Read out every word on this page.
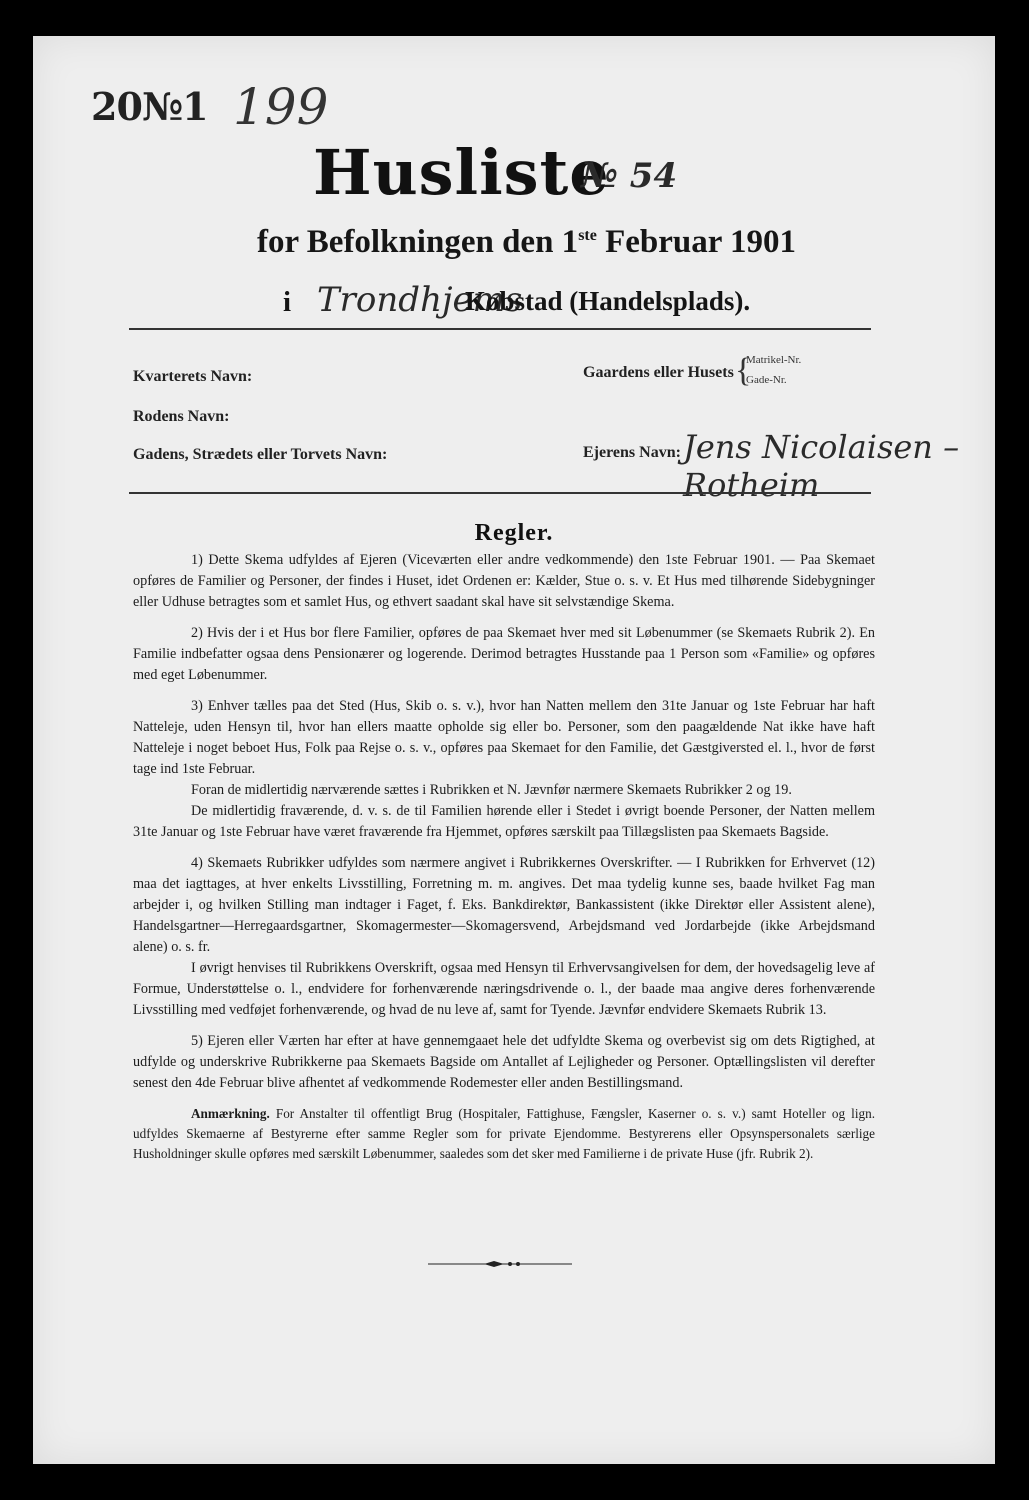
20№1 199
Husliste
№ 54
for Befolkningen den 1ste Februar 1901
i Trondhjems
Købstad (Handelsplads).
Kvarterets Navn:
Rodens Navn:
Gadens, Strædets eller Torvets Navn:
Gaardens eller Husets {
Matrikel-Nr.
Gade-Nr.
Ejerens Navn: Jens Nicolaisen – Rotheim
Regler.

1) Dette Skema udfyldes af Ejeren (Viceværten eller andre vedkommende) den 1ste Februar 1901. — Paa Skemaet opføres de Familier og Personer, der findes i Huset, idet Ordenen er: Kælder, Stue o. s. v. Et Hus med tilhørende Sidebygninger eller Udhuse betragtes som et samlet Hus, og ethvert saadant skal have sit selvstændige Skema.

2) Hvis der i et Hus bor flere Familier, opføres de paa Skemaet hver med sit Løbenummer (se Skemaets Rubrik 2). En Familie indbefatter ogsaa dens Pensionærer og logerende. Derimod betragtes Husstande paa 1 Person som «Familie» og opføres med eget Løbenummer.

3) Enhver tælles paa det Sted (Hus, Skib o. s. v.), hvor han Natten mellem den 31te Januar og 1ste Februar har haft Natteleje, uden Hensyn til, hvor han ellers maatte opholde sig eller bo. Personer, som den paagældende Nat ikke have haft Natteleje i noget beboet Hus, Folk paa Rejse o. s. v., opføres paa Skemaet for den Familie, det Gæstgiversted el. l., hvor de først tage ind 1ste Februar.

Foran de midlertidig nærværende sættes i Rubrikken et N. Jævnfør nærmere Skemaets Rubrikker 2 og 19.

De midlertidig fraværende, d. v. s. de til Familien hørende eller i Stedet i øvrigt boende Personer, der Natten mellem 31te Januar og 1ste Februar have været fraværende fra Hjemmet, opføres særskilt paa Tillægslisten paa Skemaets Bagside.

4) Skemaets Rubrikker udfyldes som nærmere angivet i Rubrikkernes Overskrifter. — I Rubrikken for Erhvervet (12) maa det iagttages, at hver enkelts Livsstilling, Forretning m. m. angives. Det maa tydelig kunne ses, baade hvilket Fag man arbejder i, og hvilken Stilling man indtager i Faget, f. Eks. Bankdirektør, Bankassistent (ikke Direktør eller Assistent alene), Handelsgartner—Herregaardsgartner, Skomagermester—Skomagersvend, Arbejdsmand ved Jordarbejde (ikke Arbejdsmand alene) o. s. fr.

I øvrigt henvises til Rubrikkens Overskrift, ogsaa med Hensyn til Erhvervsangivelsen for dem, der hovedsagelig leve af Formue, Understøttelse o. l., endvidere for forhenværende næringsdrivende o. l., der baade maa angive deres forhenværende Livsstilling med vedføjet forhenværende, og hvad de nu leve af, samt for Tyende. Jævnfør endvidere Skemaets Rubrik 13.

5) Ejeren eller Værten har efter at have gennemgaaet hele det udfyldte Skema og overbevist sig om dets Rigtighed, at udfylde og underskrive Rubrikkerne paa Skemaets Bagside om Antallet af Lejligheder og Personer. Optællingslisten vil derefter senest den 4de Februar blive afhentet af vedkommende Rodemester eller anden Bestillingsmand.

Anmærkning. For Anstalter til offentligt Brug (Hospitaler, Fattighuse, Fængsler, Kaserner o. s. v.) samt Hoteller og lign. udfyldes Skemaerne af Bestyrerne efter samme Regler som for private Ejendomme. Bestyrerens eller Opsynspersonalets særlige Husholdninger skulle opføres med særskilt Løbenummer, saaledes som det sker med Familierne i de private Huse (jfr. Rubrik 2).
